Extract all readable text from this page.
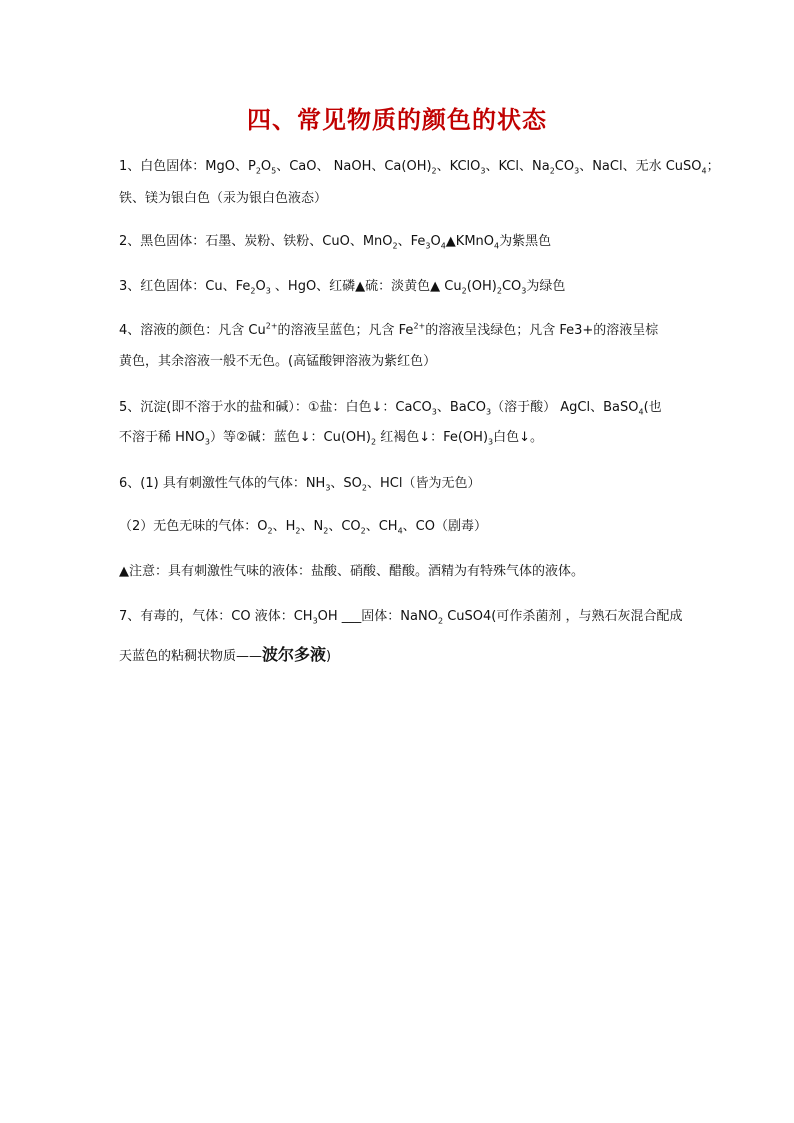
四、常见物质的颜色的状态
1、白色固体：MgO、$P_2O_5$、CaO、 NaOH、$Ca(OH)_2$、KClO$_3$、KCl、$Na_2CO_3$、NaCl、无水 CuSO$_4$；
铁、镁为银白色（汞为银白色液态）
2、黑色固体：石墨、炭粉、铁粉、CuO、MnO$_2$、$Fe_3O_4▲KMnO_4$为紫黑色
3、红色固体：Cu、$Fe_2O_3$ 、HgO、红磷▲硫：淡黄色▲ $Cu_2(OH)_2CO_3$为绿色
4、溶液的颜色：凡含 $Cu^{2+}$的溶液呈蓝色；凡含 $Fe^{2+}$的溶液呈浅绿色；凡含 Fe3+的溶液呈棕
黄色，其余溶液一般不无色。(高锰酸钾溶液为紫红色）
5、沉淀(即不溶于水的盐和碱）：①盐：白色↓：CaCO$_3$、BaCO$_3$（溶于酸） AgCl、BaSO$_4$(也
不溶于稀 $HNO_3$）等②碱：蓝色↓：$Cu(OH)_2$ 红褐色↓：$Fe(OH)_3$白色↓。
6、(1) 具有刺激性气体的气体：$NH_3$、$SO_2$、HCl（皆为无色）
（2）无色无味的气体：$O_2$、$H_2$、$N_2$、$CO_2$、$CH_4$、CO（剧毒）
▲注意：具有刺激性气味的液体：盐酸、硝酸、醋酸。酒精为有特殊气体的液体。
7、有毒的，气体：CO 液体：$CH_3OH$ ___固体：NaNO$_2$ CuSO4(可作杀菌剂 ，与熟石灰混合配成
天蓝色的粘稠状物质——波尔多液)
